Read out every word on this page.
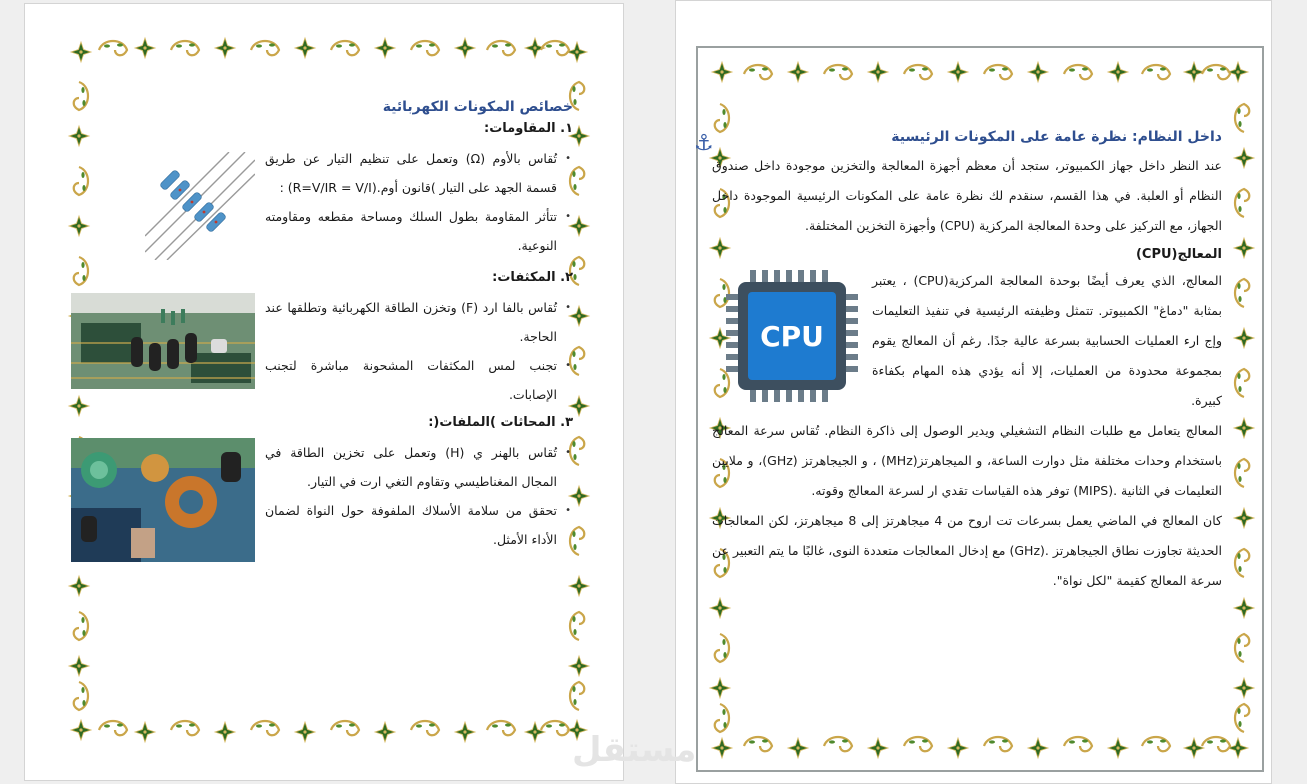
خصائص المكونات الكهربائية
١. المقاومات:
• تُقاس بالأوم (Ω) وتعمل على تنظيم التيار عن طريق قسمة الجهد على التيار )قانون أوم.(R=V/IR = V/I) :
• تتأثر المقاومة بطول السلك ومساحة مقطعه ومقاومته النوعية.
٢. المكثفات:
• تُقاس بالفا ارد (F) وتخزن الطاقة الكهربائية وتطلقها عند الحاجة.
• تجنب لمس المكثفات المشحونة مباشرة لتجنب الإصابات.
٣. المحاثات )الملفات(:
• تُقاس بالهنر ي (H) وتعمل على تخزين الطاقة في المجال المغناطيسي وتقاوم التغي ارت في التيار.
• تحقق من سلامة الأسلاك الملفوفة حول النواة لضمان الأداء الأمثل.
⚓	داخل النظام: نظرة عامة على المكونات الرئيسية

عند النظر داخل جهاز الكمبيوتر، ستجد أن معظم أجهزة المعالجة والتخزين موجودة داخل صندوق النظام أو العلبة. في هذا القسم، سنقدم لك نظرة عامة على المكونات الرئيسية الموجودة داخل الجهاز، مع التركيز على وحدة المعالجة المركزية (CPU) وأجهزة التخزين المختلفة.

المعالج(CPU)

المعالج، الذي يعرف أيضًا بوحدة المعالجة المركزية(CPU) ، يعتبر بمثابة "دماغ" الكمبيوتر. تتمثل وظيفته الرئيسية في تنفيذ التعليمات وإج ارء العمليات الحسابية بسرعة عالية جدًا. رغم أن المعالج يقوم بمجموعة محدودة من العمليات، إلا أنه يؤدي هذه المهام بكفاءة كبيرة.

CPU

المعالج يتعامل مع طلبات النظام التشغيلي ويدير الوصول إلى ذاكرة النظام. تُقاس سرعة المعالج باستخدام وحدات مختلفة مثل دوارت الساعة، و الميجاهرتز(MHz) ، و الجيجاهرتز (GHz)، و ملايين التعليمات في الثانية .(MIPS) توفر هذه القياسات تقدي ار لسرعة المعالج وقوته.

كان المعالج في الماضي يعمل بسرعات تت اروح من 4 ميجاهرتز إلى 8 ميجاهرتز، لكن المعالجات الحديثة تجاوزت نطاق الجيجاهرتز .(GHz) مع إدخال المعالجات متعددة النوى، غالبًا ما يتم التعبير عن سرعة المعالج كقيمة "لكل نواة".

مستقل
